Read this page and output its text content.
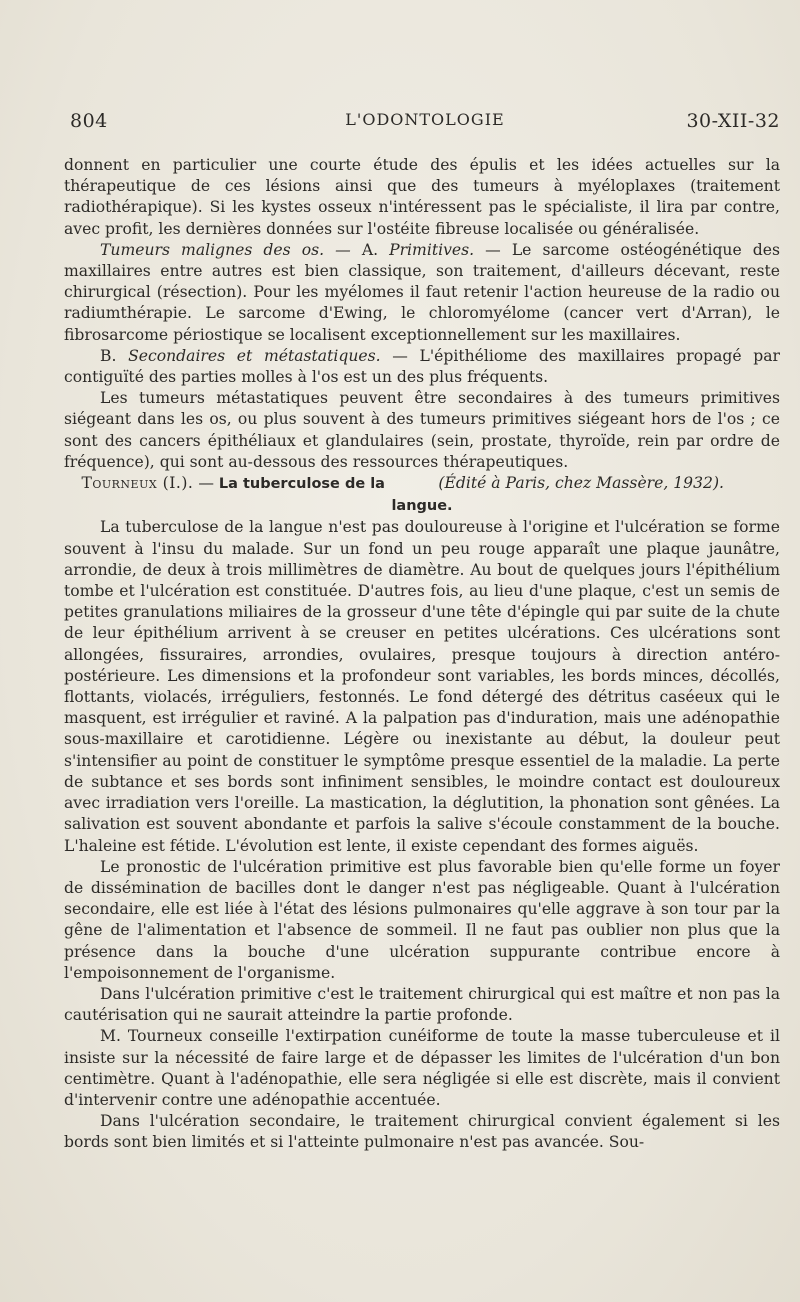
804	L'ODONTOLOGIE	30-XII-32

donnent en particulier une courte étude des épulis et les idées actuelles sur la thérapeutique de ces lésions ainsi que des tumeurs à myéloplaxes (traitement radiothérapique). Si les kystes osseux n'intéressent pas le spécialiste, il lira par contre, avec profit, les dernières données sur l'ostéite fibreuse localisée ou généralisée.

Tumeurs malignes des os. — A. Primitives. — Le sarcome ostéogénétique des maxillaires entre autres est bien classique, son traitement, d'ailleurs décevant, reste chirurgical (résection). Pour les myélomes il faut retenir l'action heureuse de la radio ou radiumthérapie. Le sarcome d'Ewing, le chloromyélome (cancer vert d'Arran), le fibrosarcome périostique se localisent exceptionnellement sur les maxillaires.

B. Secondaires et métastatiques. — L'épithéliome des maxillaires propagé par contiguïté des parties molles à l'os est un des plus fréquents.

Les tumeurs métastatiques peuvent être secondaires à des tumeurs primitives siégeant dans les os, ou plus souvent à des tumeurs primitives siégeant hors de l'os ; ce sont des cancers épithéliaux et glandulaires (sein, prostate, thyroïde, rein par ordre de fréquence), qui sont au-dessous des ressources thérapeutiques.
(Édité à Paris, chez Massère, 1932).

Tourneux (I.). — La tuberculose de la langue.

La tuberculose de la langue n'est pas douloureuse à l'origine et l'ulcération se forme souvent à l'insu du malade. Sur un fond un peu rouge apparaît une plaque jaunâtre, arrondie, de deux à trois millimètres de diamètre. Au bout de quelques jours l'épithélium tombe et l'ulcération est constituée. D'autres fois, au lieu d'une plaque, c'est un semis de petites granulations miliaires de la grosseur d'une tête d'épingle qui par suite de la chute de leur épithélium arrivent à se creuser en petites ulcérations. Ces ulcérations sont allongées, fissuraires, arrondies, ovulaires, presque toujours à direction antéro-postérieure. Les dimensions et la profondeur sont variables, les bords minces, décollés, flottants, violacés, irréguliers, festonnés. Le fond détergé des détritus caséeux qui le masquent, est irrégulier et raviné. A la palpation pas d'induration, mais une adénopathie sous-maxillaire et carotidienne. Légère ou inexistante au début, la douleur peut s'intensifier au point de constituer le symptôme presque essentiel de la maladie. La perte de subtance et ses bords sont infiniment sensibles, le moindre contact est douloureux avec irradiation vers l'oreille. La mastication, la déglutition, la phonation sont gênées. La salivation est souvent abondante et parfois la salive s'écoule constamment de la bouche. L'haleine est fétide. L'évolution est lente, il existe cependant des formes aiguës.

Le pronostic de l'ulcération primitive est plus favorable bien qu'elle forme un foyer de dissémination de bacilles dont le danger n'est pas négligeable. Quant à l'ulcération secondaire, elle est liée à l'état des lésions pulmonaires qu'elle aggrave à son tour par la gêne de l'alimentation et l'absence de sommeil. Il ne faut pas oublier non plus que la présence dans la bouche d'une ulcération suppurante contribue encore à l'empoisonnement de l'organisme.

Dans l'ulcération primitive c'est le traitement chirurgical qui est maître et non pas la cautérisation qui ne saurait atteindre la partie profonde.

M. Tourneux conseille l'extirpation cunéiforme de toute la masse tuberculeuse et il insiste sur la nécessité de faire large et de dépasser les limites de l'ulcération d'un bon centimètre. Quant à l'adénopathie, elle sera négligée si elle est discrète, mais il convient d'intervenir contre une adénopathie accentuée.

Dans l'ulcération secondaire, le traitement chirurgical convient également si les bords sont bien limités et si l'atteinte pulmonaire n'est pas avancée. Sou-
